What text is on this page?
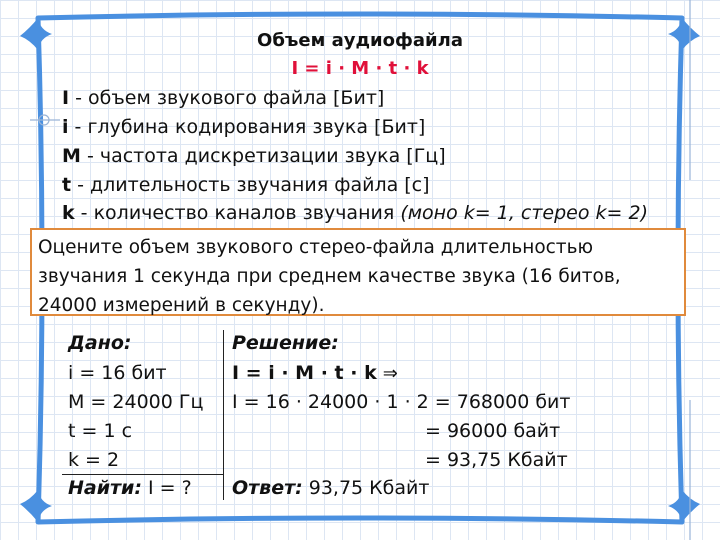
Объем аудиофайла
I = i · M · t · k
I - объем звукового файла [Бит]
i - глубина кодирования звука [Бит]
M - частота дискретизации звука [Гц]
t - длительность звучания файла [с]
k - количество каналов звучания (моно k= 1, стерео k= 2)
Оцените объем звукового стерео-файла длительностью
звучания 1 секунда при среднем качестве звука (16 битов,
24000 измерений в секунду).
Дано:
i = 16 бит
M = 24000 Гц
t = 1 c
k = 2
Найти: I = ?
Решение:
I = i · M · t · k ⇒
I = 16 · 24000 · 1 · 2 = 768000 бит
= 96000 байт
= 93,75 Кбайт
Ответ: 93,75 Кбайт
